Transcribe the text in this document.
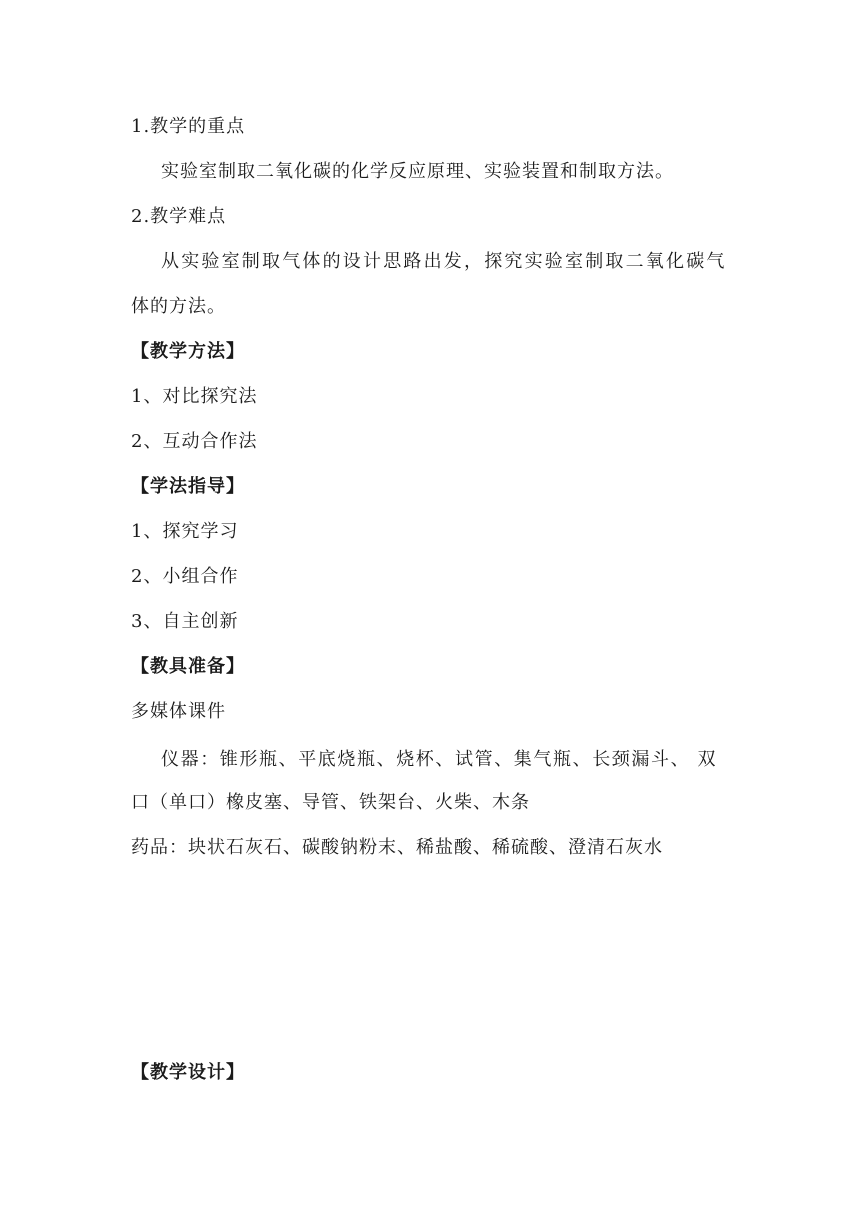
1.教学的重点
实验室制取二氧化碳的化学反应原理、实验装置和制取方法。
2.教学难点
从实验室制取气体的设计思路出发，探究实验室制取二氧化碳气
体的方法。
【教学方法】
1、对比探究法
2、互动合作法
【学法指导】
1、探究学习
2、小组合作
3、自主创新
【教具准备】
多媒体课件
仪器：锥形瓶、平底烧瓶、烧杯、试管、集气瓶、长颈漏斗、 双
口（单口）橡皮塞、导管、铁架台、火柴、木条
药品：块状石灰石、碳酸钠粉末、稀盐酸、稀硫酸、澄清石灰水
【教学设计】
